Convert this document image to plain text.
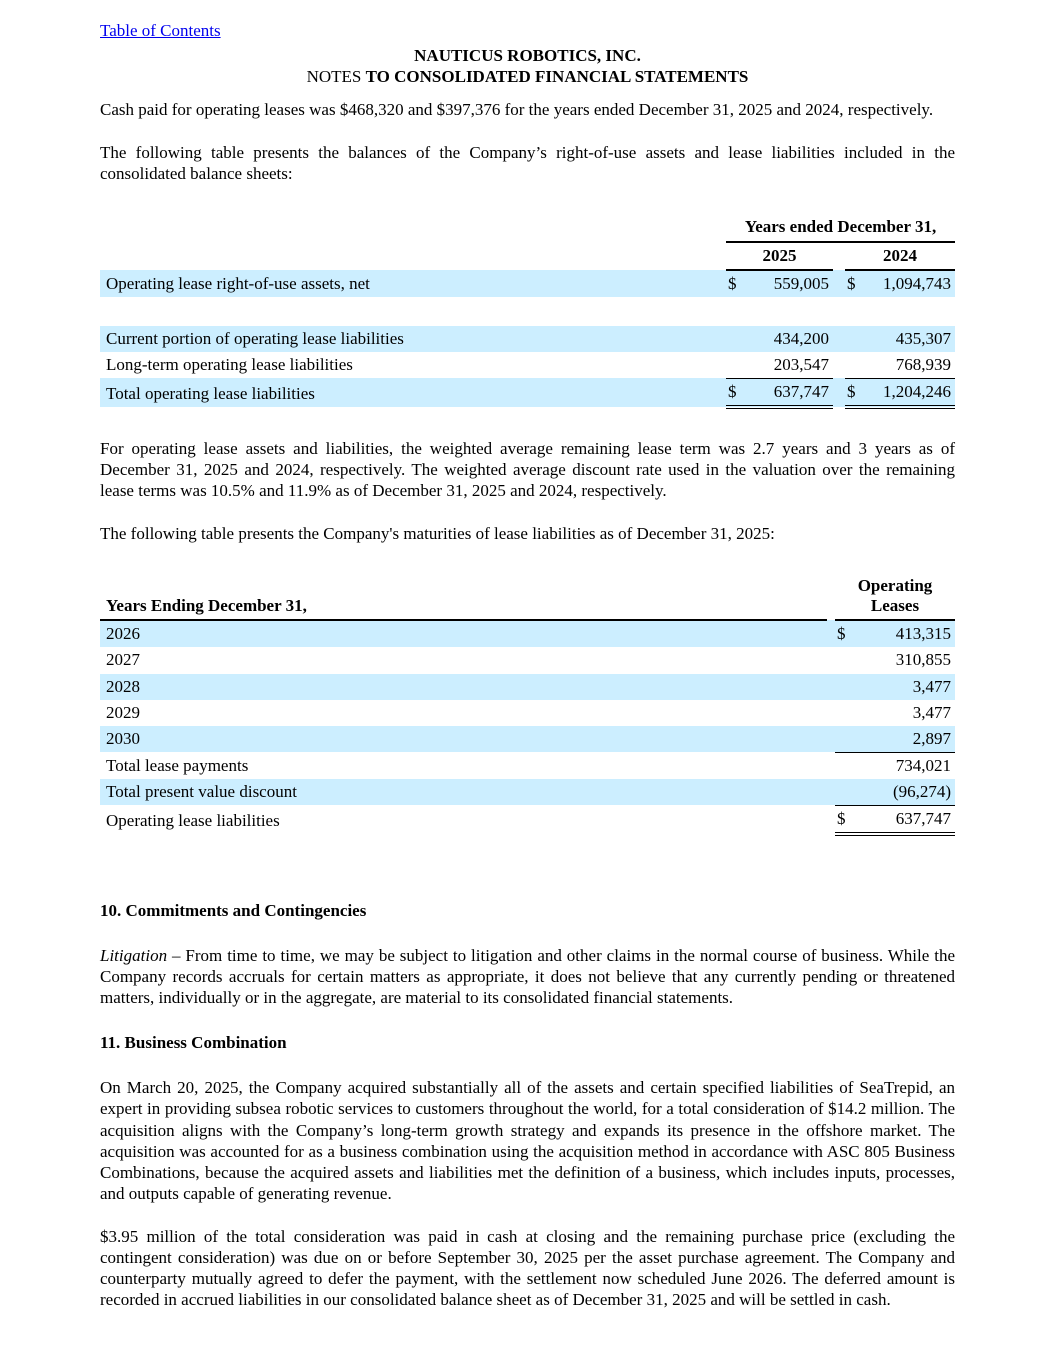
Table of Contents
NAUTICUS ROBOTICS, INC.
NOTES TO CONSOLIDATED FINANCIAL STATEMENTS

Cash paid for operating leases was $468,320 and $397,376 for the years ended December 31, 2025 and 2024, respectively.

The following table presents the balances of the Company’s right-of-use assets and lease liabilities included in the consolidated balance sheets:

	Years ended December 31,				
	2025			2024	
Operating lease right-of-use assets, net	$	559,005		$	1,094,743

Current portion of operating lease liabilities		434,200			435,307
Long-term operating lease liabilities		203,547			768,939
Total operating lease liabilities	$	637,747		$	1,204,246

For operating lease assets and liabilities, the weighted average remaining lease term was 2.7 years and 3 years as of December 31, 2025 and 2024, respectively. The weighted average discount rate used in the valuation over the remaining lease terms was 10.5% and 11.9% as of December 31, 2025 and 2024, respectively.

The following table presents the Company's maturities of lease liabilities as of December 31, 2025:

Years Ending December 31,		Operating
Leases	
2026		$	413,315
2027			310,855
2028			3,477
2029			3,477
2030			2,897
Total lease payments			734,021
Total present value discount			(96,274)
Operating lease liabilities		$	637,747

10. Commitments and Contingencies

Litigation – From time to time, we may be subject to litigation and other claims in the normal course of business. While the Company records accruals for certain matters as appropriate, it does not believe that any currently pending or threatened matters, individually or in the aggregate, are material to its consolidated financial statements.

11. Business Combination

On March 20, 2025, the Company acquired substantially all of the assets and certain specified liabilities of SeaTrepid, an expert in providing subsea robotic services to customers throughout the world, for a total consideration of $14.2 million. The acquisition aligns with the Company’s long-term growth strategy and expands its presence in the offshore market. The acquisition was accounted for as a business combination using the acquisition method in accordance with ASC 805 Business Combinations, because the acquired assets and liabilities met the definition of a business, which includes inputs, processes, and outputs capable of generating revenue.

$3.95 million of the total consideration was paid in cash at closing and the remaining purchase price (excluding the contingent consideration) was due on or before September 30, 2025 per the asset purchase agreement. The Company and counterparty mutually agreed to defer the payment, with the settlement now scheduled June 2026. The deferred amount is recorded in accrued liabilities in our consolidated balance sheet as of December 31, 2025 and will be settled in cash.
